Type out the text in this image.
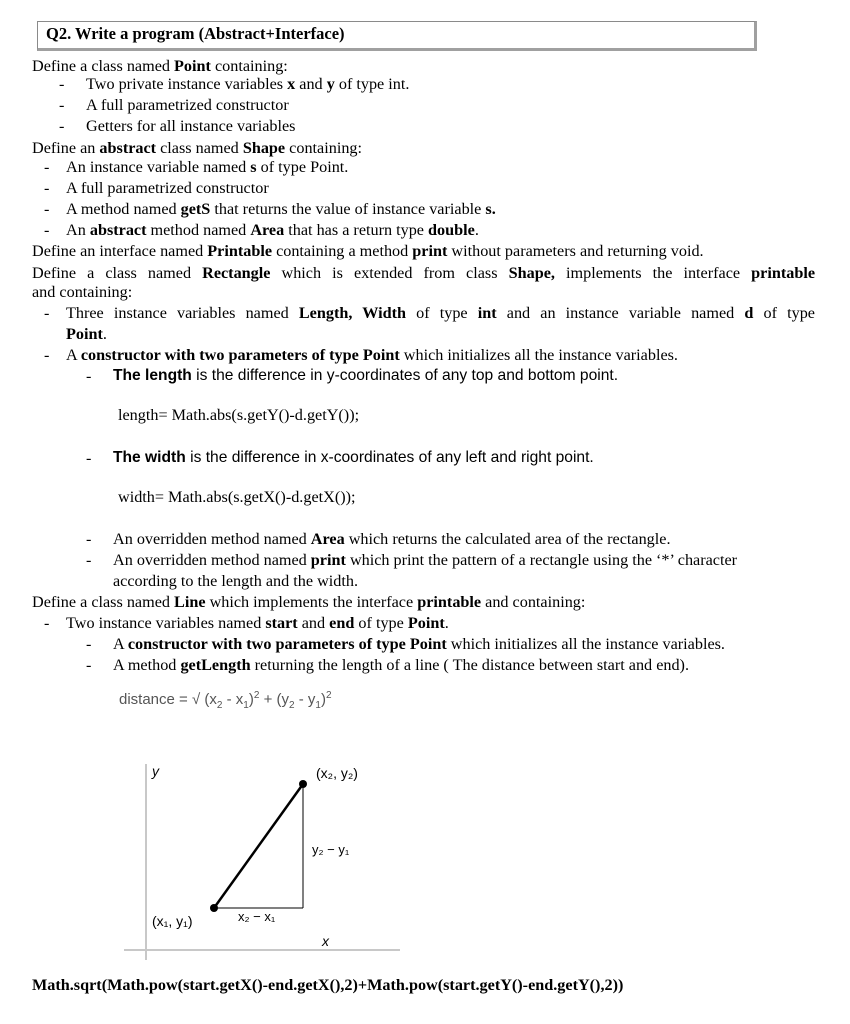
Q2. Write a program (Abstract+Interface)
Define a class named Point containing:
- Two private instance variables x and y of type int.
- A full parametrized constructor
- Getters for all instance variables
Define an abstract class named Shape containing:
- An instance variable named s of type Point.
- A full parametrized constructor
- A method named getS that returns the value of instance variable s.
- An abstract method named Area that has a return type double.
Define an interface named Printable containing a method print without parameters and returning void.
Define a class named Rectangle which is extended from class Shape, implements the interface printable
and containing:
- Three instance variables named Length, Width of type int and an instance variable named d of type
Point.
- A constructor with two parameters of type Point which initializes all the instance variables.
- The length is the difference in y-coordinates of any top and bottom point.
length= Math.abs(s.getY()-d.getY());
- The width is the difference in x-coordinates of any left and right point.
width= Math.abs(s.getX()-d.getX());
- An overridden method named Area which returns the calculated area of the rectangle.
- An overridden method named print which print the pattern of a rectangle using the ‘*’ character
according to the length and the width.
Define a class named Line which implements the interface printable and containing:
- Two instance variables named start and end of type Point.
- A constructor with two parameters of type Point which initializes all the instance variables.
- A method getLength returning the length of a line ( The distance between start and end).
distance = √ $(x_2 - x_1)^2 + (y_2 - y_1)^2$
y
x
(x₂, y₂)
(x₁, y₁)
y₂ − y₁
x₂ − x₁
Math.sqrt(Math.pow(start.getX()-end.getX(),2)+Math.pow(start.getY()-end.getY(),2))
